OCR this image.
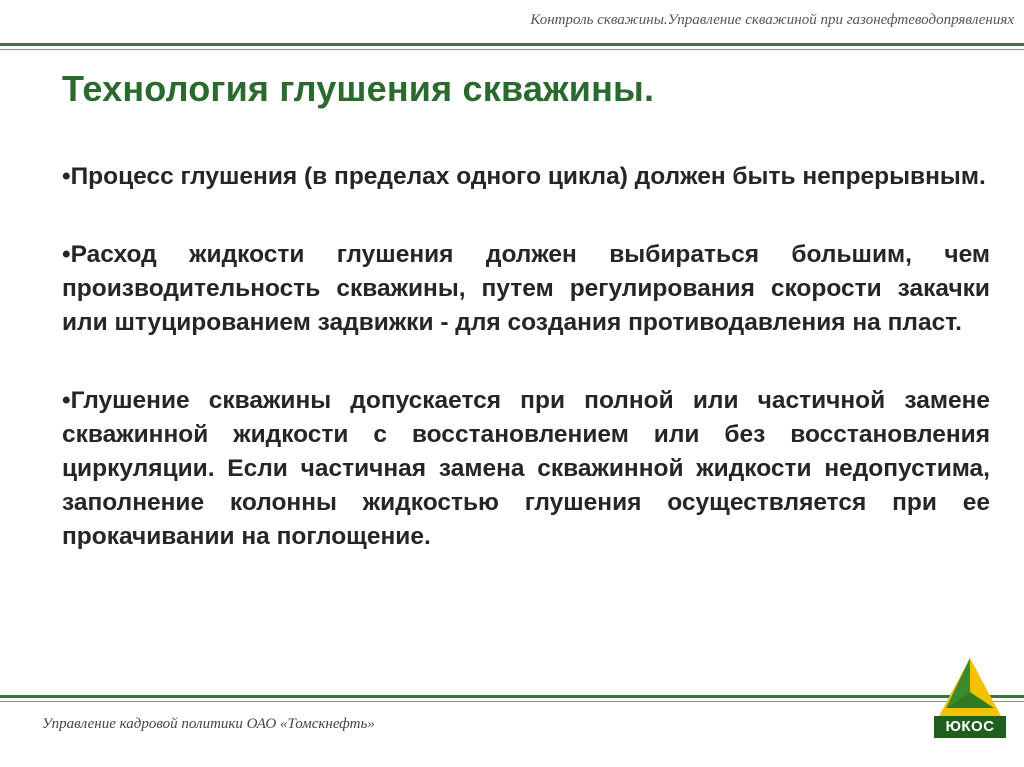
Контроль скважины.Управление скважиной при газонефтеводопрявлениях
Технология глушения скважины.

•Процесс глушения (в пределах одного цикла) должен быть непрерывным.

•Расход жидкости глушения должен выбираться большим, чем производительность скважины, путем регулирования скорости закачки или штуцированием задвижки - для создания противодавления на пласт.

•Глушение скважины допускается при полной или частичной замене скважинной жидкости с восстановлением или без восстановления циркуляции. Если частичная замена скважинной жидкости недопустима, заполнение колонны жидкостью глушения осуществляется при ее прокачивании на поглощение.

Управление кадровой политики ОАО «Томскнефть»	ЮКОС
